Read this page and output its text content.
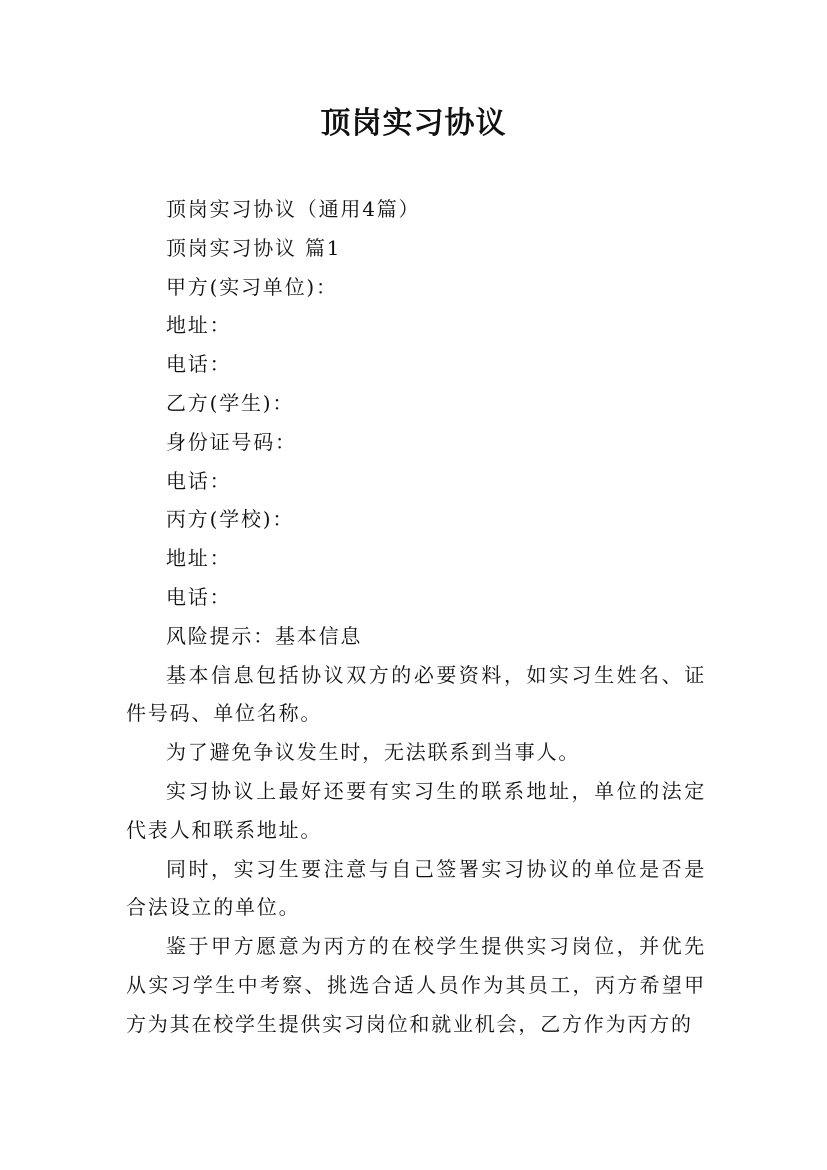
顶岗实习协议

顶岗实习协议（通用4篇）

顶岗实习协议 篇1

甲方(实习单位)：

地址：

电话：

乙方(学生)：

身份证号码：

电话：

丙方(学校)：

地址：

电话：

风险提示：基本信息

基本信息包括协议双方的必要资料，如实习生姓名、证件号码、单位名称。

为了避免争议发生时，无法联系到当事人。

实习协议上最好还要有实习生的联系地址，单位的法定代表人和联系地址。

同时，实习生要注意与自己签署实习协议的单位是否是合法设立的单位。

鉴于甲方愿意为丙方的在校学生提供实习岗位，并优先从实习学生中考察、挑选合适人员作为其员工，丙方希望甲方为其在校学生提供实习岗位和就业机会，乙方作为丙方的
